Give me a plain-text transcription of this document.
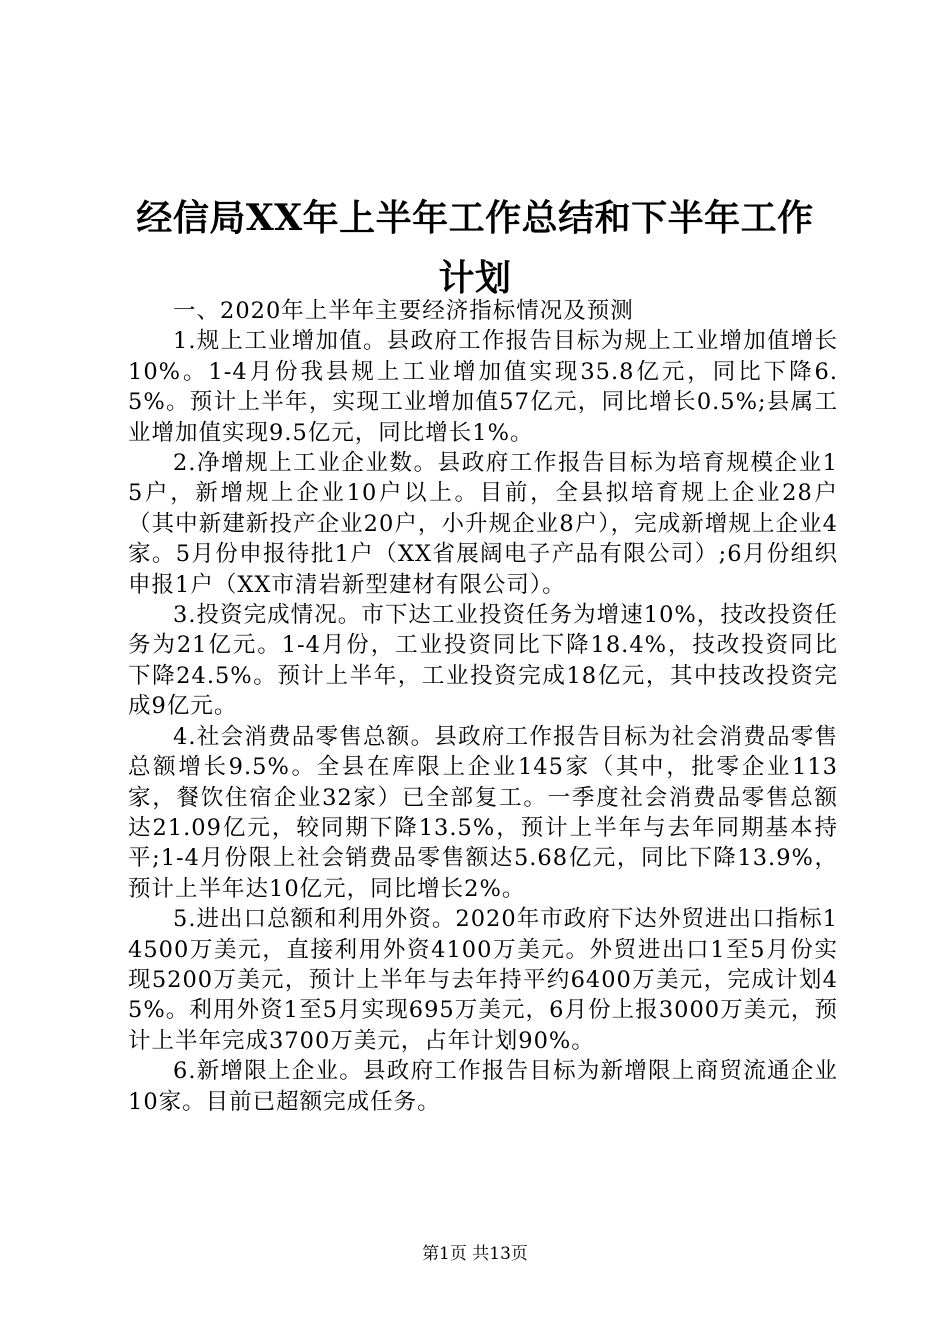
经信局XX年上半年工作总结和下半年工作计划

一、2020年上半年主要经济指标情况及预测

1.规上工业增加值。县政府工作报告目标为规上工业增加值增长10%。1-4月份我县规上工业增加值实现35.8亿元，同比下降6.5%。预计上半年，实现工业增加值57亿元，同比增长0.5%;县属工业增加值实现9.5亿元，同比增长1%。

2.净增规上工业企业数。县政府工作报告目标为培育规模企业15户，新增规上企业10户以上。目前，全县拟培育规上企业28户（其中新建新投产企业20户，小升规企业8户），完成新增规上企业4家。5月份申报待批1户（XX省展阔电子产品有限公司）;6月份组织申报1户（XX市清岩新型建材有限公司）。

3.投资完成情况。市下达工业投资任务为增速10%，技改投资任务为21亿元。1-4月份，工业投资同比下降18.4%，技改投资同比下降24.5%。预计上半年，工业投资完成18亿元，其中技改投资完成9亿元。

4.社会消费品零售总额。县政府工作报告目标为社会消费品零售总额增长9.5%。全县在库限上企业145家（其中，批零企业113家，餐饮住宿企业32家）已全部复工。一季度社会消费品零售总额达21.09亿元，较同期下降13.5%，预计上半年与去年同期基本持平;1-4月份限上社会销费品零售额达5.68亿元，同比下降13.9%，预计上半年达10亿元，同比增长2%。

5.进出口总额和利用外资。2020年市政府下达外贸进出口指标14500万美元，直接利用外资4100万美元。外贸进出口1至5月份实现5200万美元，预计上半年与去年持平约6400万美元，完成计划45%。利用外资1至5月实现695万美元，6月份上报3000万美元，预计上半年完成3700万美元，占年计划90%。

6.新增限上企业。县政府工作报告目标为新增限上商贸流通企业10家。目前已超额完成任务。

第1页 共13页
